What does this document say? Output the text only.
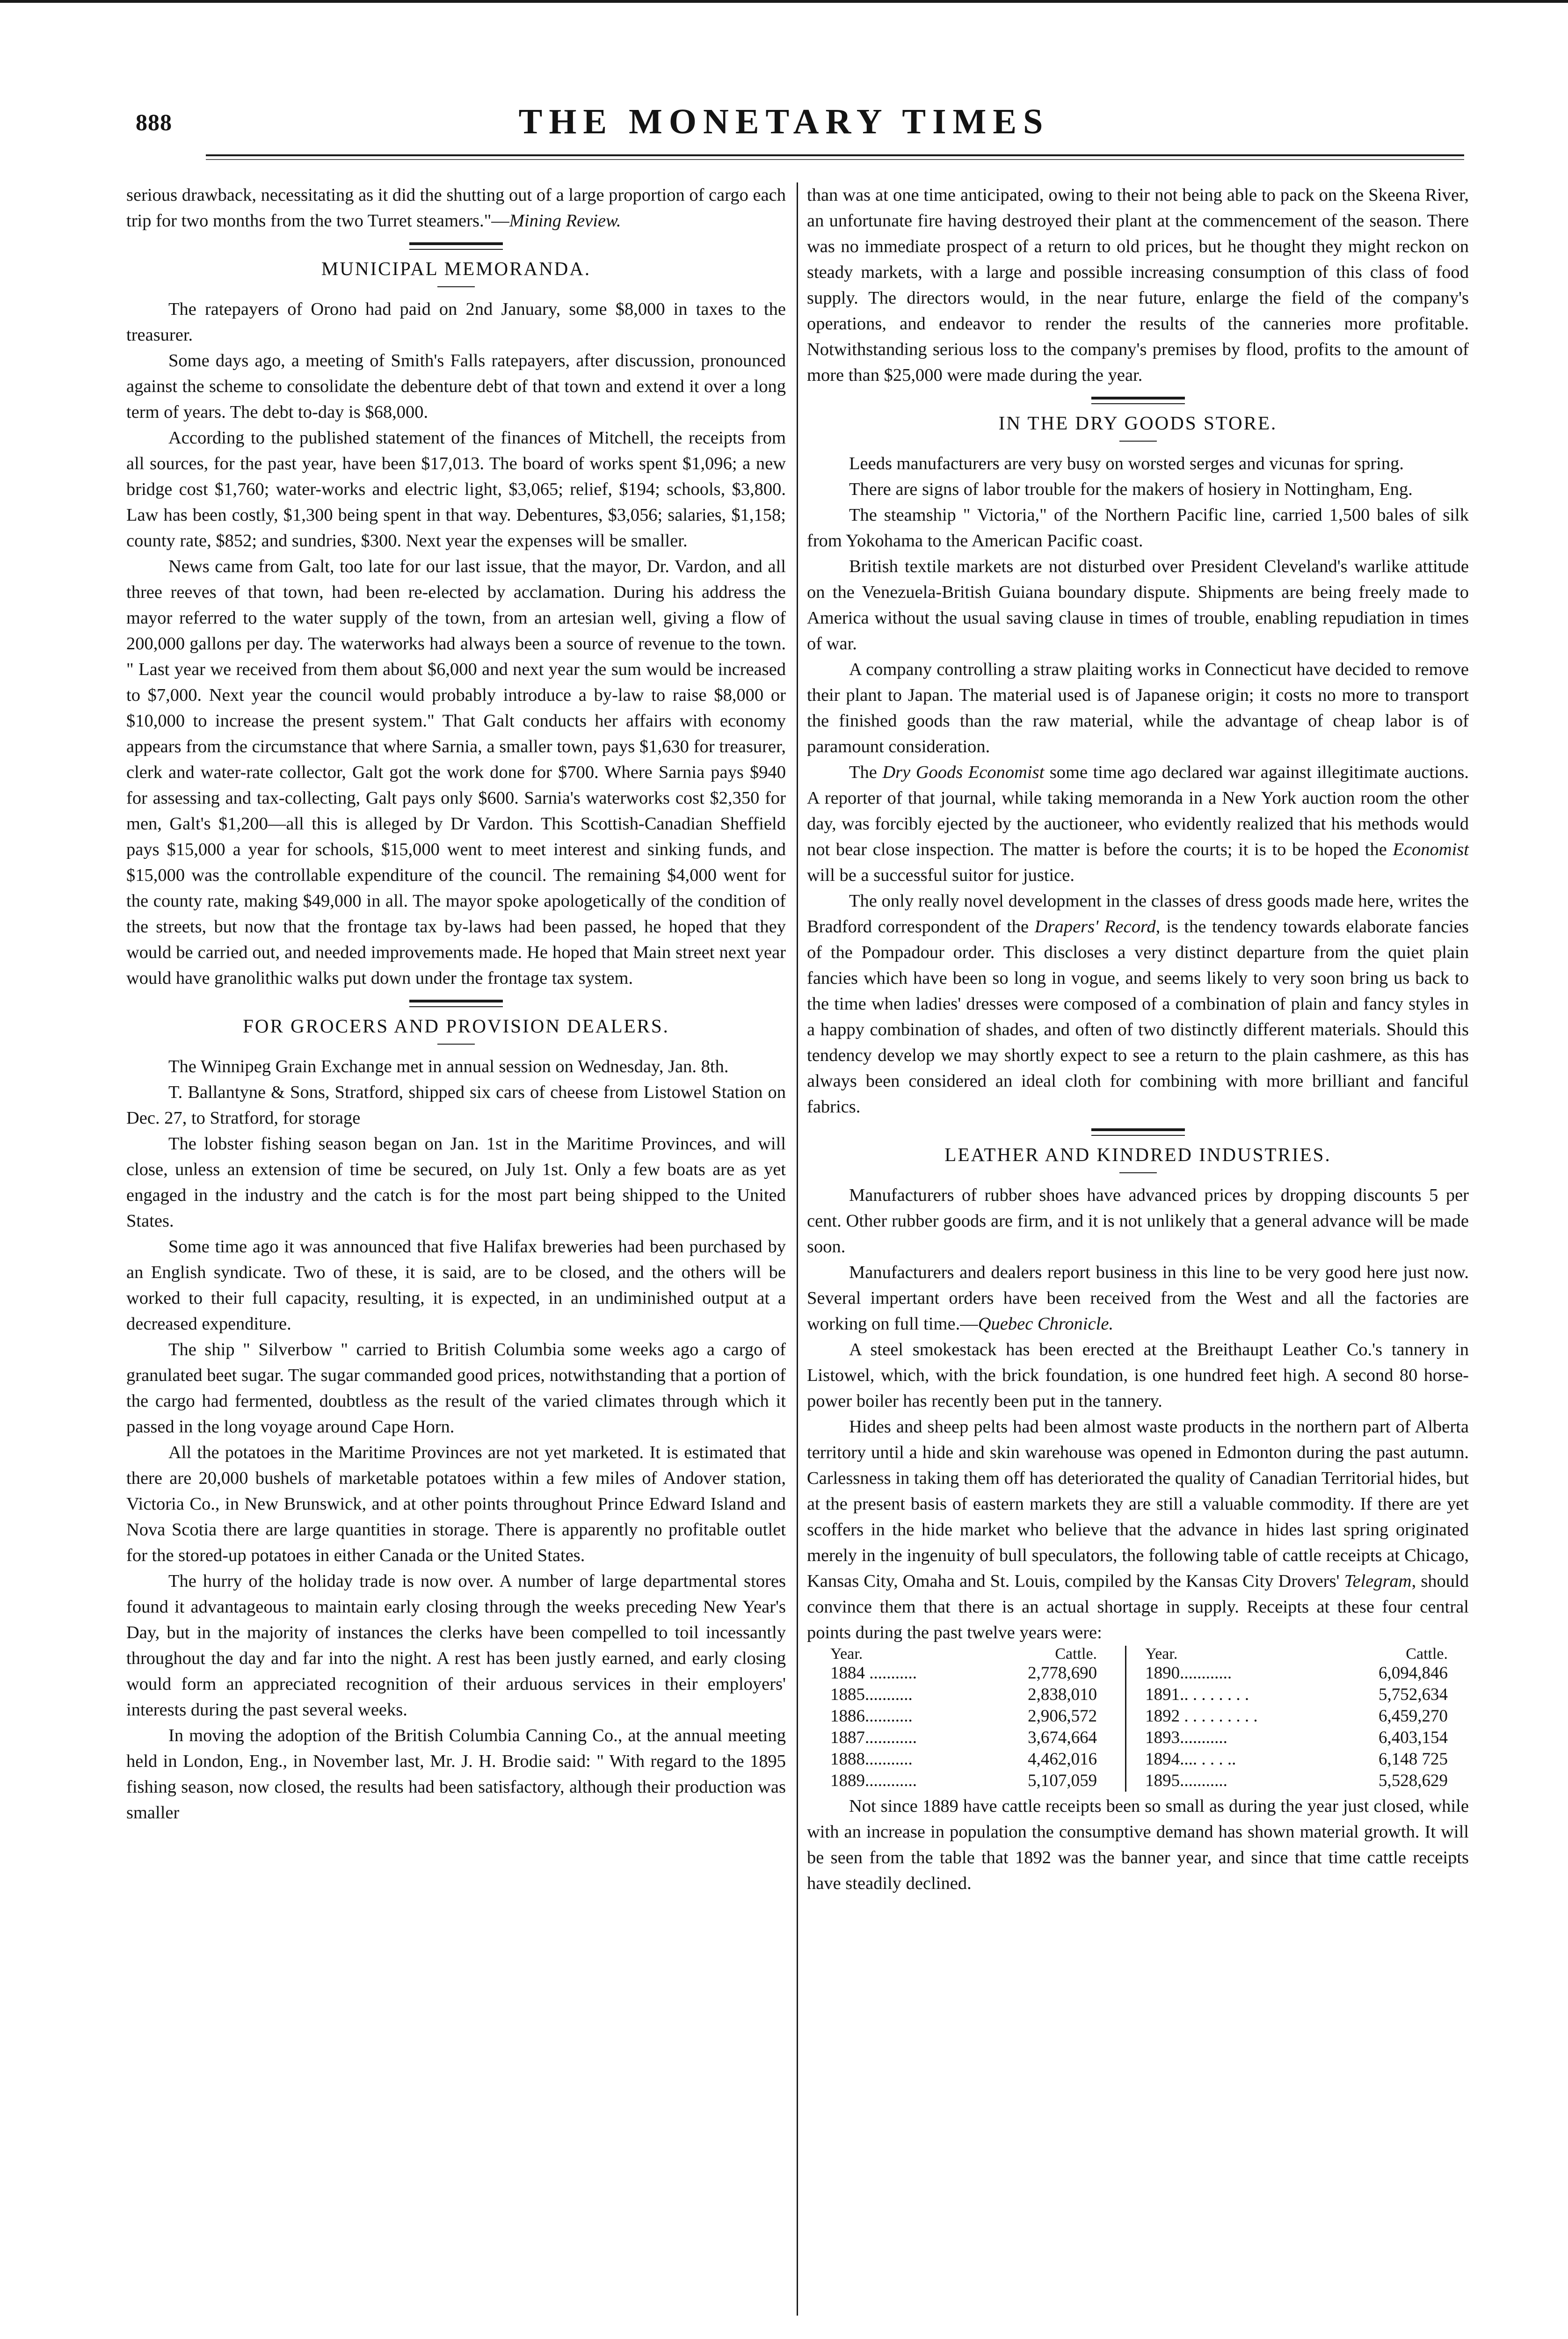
888	THE MONETARY TIMES

serious drawback, necessitating as it did the shutting out of a large proportion of cargo each trip for two months from the two Turret steamers."—Mining Review.

MUNICIPAL MEMORANDA.

The ratepayers of Orono had paid on 2nd January, some $8,000 in taxes to the treasurer.

Some days ago, a meeting of Smith's Falls ratepayers, after discussion, pronounced against the scheme to consolidate the debenture debt of that town and extend it over a long term of years. The debt to-day is $68,000.

According to the published statement of the finances of Mitchell, the receipts from all sources, for the past year, have been $17,013. The board of works spent $1,096; a new bridge cost $1,760; water-works and electric light, $3,065; relief, $194; schools, $3,800. Law has been costly, $1,300 being spent in that way. Debentures, $3,056; salaries, $1,158; county rate, $852; and sundries, $300. Next year the expenses will be smaller.

News came from Galt, too late for our last issue, that the mayor, Dr. Vardon, and all three reeves of that town, had been re-elected by acclamation. During his address the mayor referred to the water supply of the town, from an artesian well, giving a flow of 200,000 gallons per day. The waterworks had always been a source of revenue to the town. " Last year we received from them about $6,000 and next year the sum would be increased to $7,000. Next year the council would probably introduce a by-law to raise $8,000 or $10,000 to increase the present system." That Galt conducts her affairs with economy appears from the circumstance that where Sarnia, a smaller town, pays $1,630 for treasurer, clerk and water-rate collector, Galt got the work done for $700. Where Sarnia pays $940 for assessing and tax-collecting, Galt pays only $600. Sarnia's waterworks cost $2,350 for men, Galt's $1,200—all this is alleged by Dr Vardon. This Scottish-Canadian Sheffield pays $15,000 a year for schools, $15,000 went to meet interest and sinking funds, and $15,000 was the controllable expenditure of the council. The remaining $4,000 went for the county rate, making $49,000 in all. The mayor spoke apologetically of the condition of the streets, but now that the frontage tax by-laws had been passed, he hoped that they would be carried out, and needed improvements made. He hoped that Main street next year would have granolithic walks put down under the frontage tax system.

FOR GROCERS AND PROVISION DEALERS.

The Winnipeg Grain Exchange met in annual session on Wednesday, Jan. 8th.

T. Ballantyne & Sons, Stratford, shipped six cars of cheese from Listowel Station on Dec. 27, to Stratford, for storage

The lobster fishing season began on Jan. 1st in the Maritime Provinces, and will close, unless an extension of time be secured, on July 1st. Only a few boats are as yet engaged in the industry and the catch is for the most part being shipped to the United States.

Some time ago it was announced that five Halifax breweries had been purchased by an English syndicate. Two of these, it is said, are to be closed, and the others will be worked to their full capacity, resulting, it is expected, in an undiminished output at a decreased expenditure.

The ship " Silverbow " carried to British Columbia some weeks ago a cargo of granulated beet sugar. The sugar commanded good prices, notwithstanding that a portion of the cargo had fermented, doubtless as the result of the varied climates through which it passed in the long voyage around Cape Horn.

All the potatoes in the Maritime Provinces are not yet marketed. It is estimated that there are 20,000 bushels of marketable potatoes within a few miles of Andover station, Victoria Co., in New Brunswick, and at other points throughout Prince Edward Island and Nova Scotia there are large quantities in storage. There is apparently no profitable outlet for the stored-up potatoes in either Canada or the United States.

The hurry of the holiday trade is now over. A number of large departmental stores found it advantageous to maintain early closing through the weeks preceding New Year's Day, but in the majority of instances the clerks have been compelled to toil incessantly throughout the day and far into the night. A rest has been justly earned, and early closing would form an appreciated recognition of their arduous services in their employers' interests during the past several weeks.

In moving the adoption of the British Columbia Canning Co., at the annual meeting held in London, Eng., in November last, Mr. J. H. Brodie said: " With regard to the 1895 fishing season, now closed, the results had been satisfactory, although their production was smaller

than was at one time anticipated, owing to their not being able to pack on the Skeena River, an unfortunate fire having destroyed their plant at the commencement of the season. There was no immediate prospect of a return to old prices, but he thought they might reckon on steady markets, with a large and possible increasing consumption of this class of food supply. The directors would, in the near future, enlarge the field of the company's operations, and endeavor to render the results of the canneries more profitable. Notwithstanding serious loss to the company's premises by flood, profits to the amount of more than $25,000 were made during the year.

IN THE DRY GOODS STORE.

Leeds manufacturers are very busy on worsted serges and vicunas for spring.

There are signs of labor trouble for the makers of hosiery in Nottingham, Eng.

The steamship " Victoria," of the Northern Pacific line, carried 1,500 bales of silk from Yokohama to the American Pacific coast.

British textile markets are not disturbed over President Cleveland's warlike attitude on the Venezuela-British Guiana boundary dispute. Shipments are being freely made to America without the usual saving clause in times of trouble, enabling repudiation in times of war.

A company controlling a straw plaiting works in Connecticut have decided to remove their plant to Japan. The material used is of Japanese origin; it costs no more to transport the finished goods than the raw material, while the advantage of cheap labor is of paramount consideration.

The Dry Goods Economist some time ago declared war against illegitimate auctions. A reporter of that journal, while taking memoranda in a New York auction room the other day, was forcibly ejected by the auctioneer, who evidently realized that his methods would not bear close inspection. The matter is before the courts; it is to be hoped the Economist will be a successful suitor for justice.

The only really novel development in the classes of dress goods made here, writes the Bradford correspondent of the Drapers' Record, is the tendency towards elaborate fancies of the Pompadour order. This discloses a very distinct departure from the quiet plain fancies which have been so long in vogue, and seems likely to very soon bring us back to the time when ladies' dresses were composed of a combination of plain and fancy styles in a happy combination of shades, and often of two distinctly different materials. Should this tendency develop we may shortly expect to see a return to the plain cashmere, as this has always been considered an ideal cloth for combining with more brilliant and fanciful fabrics.

LEATHER AND KINDRED INDUSTRIES.

Manufacturers of rubber shoes have advanced prices by dropping discounts 5 per cent. Other rubber goods are firm, and it is not unlikely that a general advance will be made soon.

Manufacturers and dealers report business in this line to be very good here just now. Several impertant orders have been received from the West and all the factories are working on full time.—Quebec Chronicle.

A steel smokestack has been erected at the Breithaupt Leather Co.'s tannery in Listowel, which, with the brick foundation, is one hundred feet high. A second 80 horse-power boiler has recently been put in the tannery.

Hides and sheep pelts had been almost waste products in the northern part of Alberta territory until a hide and skin warehouse was opened in Edmonton during the past autumn. Carlessness in taking them off has deteriorated the quality of Canadian Territorial hides, but at the present basis of eastern markets they are still a valuable commodity. If there are yet scoffers in the hide market who believe that the advance in hides last spring originated merely in the ingenuity of bull speculators, the following table of cattle receipts at Chicago, Kansas City, Omaha and St. Louis, compiled by the Kansas City Drovers' Telegram, should convince them that there is an actual shortage in supply. Receipts at these four central points during the past twelve years were:

Year.	Cattle.	Year.	Cattle.
1884 ...........	2,778,690	1890............	6,094,846
1885...........	2,838,010	1891.. . . . . . . .	5,752,634
1886...........	2,906,572	1892 . . . . . . . . .	6,459,270
1887............	3,674,664	1893...........	6,403,154
1888...........	4,462,016	1894.... . . . ..	6,148 725
1889............	5,107,059	1895...........	5,528,629

Not since 1889 have cattle receipts been so small as during the year just closed, while with an increase in population the consumptive demand has shown material growth. It will be seen from the table that 1892 was the banner year, and since that time cattle receipts have steadily declined.
